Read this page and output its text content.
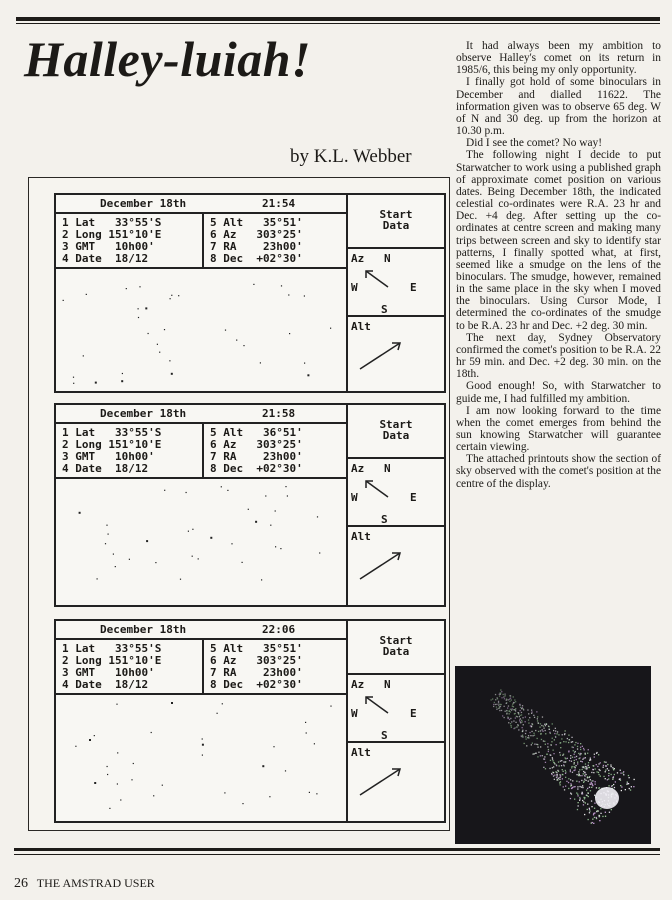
Halley-luiah!

by K.L. Webber

December 18th	21:54
1 Lat   33°55'S
2 Long 151°10'E
3 GMT   10h00'
4 Date  18/12
5 Alt   35°51'
6 Az   303°25'
7 RA    23h00'
8 Dec  +02°30'
Start
Data
Az N
W	E
S
Alt
December 18th	21:58
1 Lat   33°55'S
2 Long 151°10'E
3 GMT   10h00'
4 Date  18/12
5 Alt   36°51'
6 Az   303°25'
7 RA    23h00'
8 Dec  +02°30'
Start
Data
Az N
W	E
S
Alt
December 18th	22:06
1 Lat   33°55'S
2 Long 151°10'E
3 GMT   10h00'
4 Date  18/12
5 Alt   35°51'
6 Az   303°25'
7 RA    23h00'
8 Dec  +02°30'
Start
Data
Az N
W	E
S
Alt

It had always been my ambition to observe Halley's comet on its return in 1985/6, this being my only opportunity.

I finally got hold of some binoculars in December and dialled 11622. The information given was to observe 65 deg. W of N and 30 deg. up from the horizon at 10.30 p.m.

Did I see the comet? No way!

The following night I decide to put Starwatcher to work using a published graph of approximate comet position on various dates. Being December 18th, the indicated celestial co-ordinates were R.A. 23 hr and Dec. +4 deg. After setting up the co-ordinates at centre screen and making many trips between screen and sky to identify star patterns, I finally spotted what, at first, seemed like a smudge on the lens of the binoculars. The smudge, however, remained in the same place in the sky when I moved the binoculars. Using Cursor Mode, I determined the co-ordinates of the smudge to be R.A. 23 hr and Dec. +2 deg. 30 min.

The next day, Sydney Observatory confirmed the comet's position to be R.A. 22 hr 59 min. and Dec. +2 deg. 30 min. on the 18th.

Good enough! So, with Starwatcher to guide me, I had fulfilled my ambition.

I am now looking forward to the time when the comet emerges from behind the sun knowing Starwatcher will guarantee certain viewing.

The attached printouts show the section of sky observed with the comet's position at the centre of the display.

26 THE AMSTRAD USER
